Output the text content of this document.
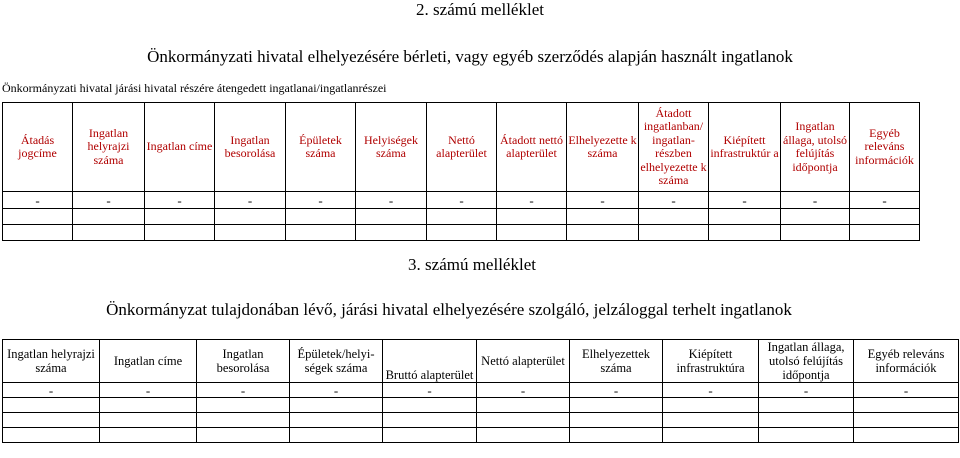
2. számú melléklet
Önkormányzati hivatal elhelyezésére bérleti, vagy egyéb szerződés alapján használt ingatlanok
Önkormányzati hivatal járási hivatal részére átengedett ingatlanai/ingatlanrészei
Átadás jogcíme	Ingatlan helyrajzi száma	Ingatlan címe	Ingatlan besorolása	Épületek száma	Helyiségek száma	Nettó alapterület	Átadott nettó alapterület	Elhelyezette k száma	Átadott ingatlanban/ ingatlan-részben elhelyezette k száma	Kiépített infrastruktúr a	Ingatlan állaga, utolsó felújítás időpontja	Egyéb releváns információk
-	-	-	-	-	-	-	-	-	-	-	-	-

3. számú melléklet
Önkormányzat tulajdonában lévő, járási hivatal elhelyezésére szolgáló, jelzáloggal terhelt ingatlanok
Ingatlan helyrajzi száma	Ingatlan címe	Ingatlan besorolása	Épületek/helyi-ségek száma	Bruttó alapterület	Nettó alapterület	Elhelyezettek száma	Kiépített infrastruktúra	Ingatlan állaga, utolsó felújítás időpontja	Egyéb releváns információk
-	-	-	-	-	-	-	-	-	-
